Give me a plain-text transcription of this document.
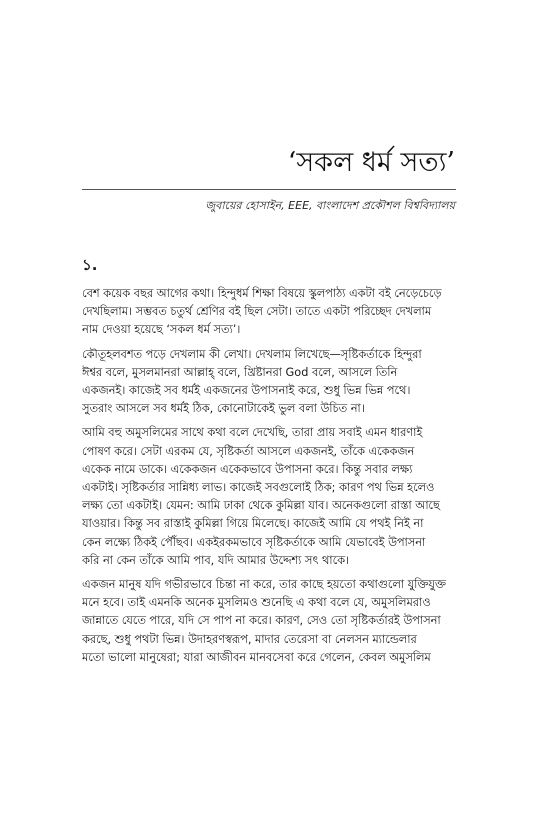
‘সকল ধর্ম সত্য’
জুবায়ের হোসাইন, EEE, বাংলাদেশ প্রকৌশল বিশ্ববিদ্যালয়
১.

বেশ কয়েক বছর আগের কথা। হিন্দুধর্ম শিক্ষা বিষয়ে স্কুলপাঠ্য একটা বই নেড়েচেড়ে
দেখছিলাম। সম্ভবত চতুর্থ শ্রেণির বই ছিল সেটা। তাতে একটা পরিচ্ছেদ দেখলাম
নাম দেওয়া হয়েছে ‘সকল ধর্ম সত্য’।

কৌতূহলবশত পড়ে দেখলাম কী লেখা। দেখলাম লিখেছে—সৃষ্টিকর্তাকে হিন্দুরা
ঈশ্বর বলে, মুসলমানরা আল্লাহ্ বলে, খ্রিষ্টানরা God বলে, আসলে তিনি
একজনই। কাজেই সব ধর্মই একজনের উপাসনাই করে, শুধু ভিন্ন ভিন্ন পথে।
সুতরাং আসলে সব ধর্মই ঠিক, কোনোটাকেই ভুল বলা উচিত না।

আমি বহু অমুসলিমের সাথে কথা বলে দেখেছি, তারা প্রায় সবাই এমন ধারণাই
পোষণ করে। সেটা এরকম যে, সৃষ্টিকর্তা আসলে একজনই, তাঁকে একেকজন
একেক নামে ডাকে। একেকজন একেকভাবে উপাসনা করে। কিন্তু সবার লক্ষ্য
একটাই। সৃষ্টিকর্তার সান্নিধ্য লাভ। কাজেই সবগুলোই ঠিক; কারণ পথ ভিন্ন হলেও
লক্ষ্য তো একটাই। যেমন: আমি ঢাকা থেকে কুমিল্লা যাব। অনেকগুলো রাস্তা আছে
যাওয়ার। কিন্তু সব রাস্তাই কুমিল্লা গিয়ে মিলেছে। কাজেই আমি যে পথই নিই না
কেন লক্ষ্যে ঠিকই পৌঁছব। একইরকমভাবে সৃষ্টিকর্তাকে আমি যেভাবেই উপাসনা
করি না কেন তাঁকে আমি পাব, যদি আমার উদ্দেশ্য সৎ থাকে।

একজন মানুষ যদি গভীরভাবে চিন্তা না করে, তার কাছে হয়তো কথাগুলো যুক্তিযুক্ত
মনে হবে। তাই এমনকি অনেক মুসলিমও শুনেছি এ কথা বলে যে, অমুসলিমরাও
জান্নাতে যেতে পারে, যদি সে পাপ না করে। কারণ, সেও তো সৃষ্টিকর্তারই উপাসনা
করছে, শুধু পথটা ভিন্ন। উদাহরণস্বরূপ, মাদার তেরেসা বা নেলসন ম্যান্ডেলার
মতো ভালো মানুষেরা; যারা আজীবন মানবসেবা করে গেলেন, কেবল অমুসলিম
